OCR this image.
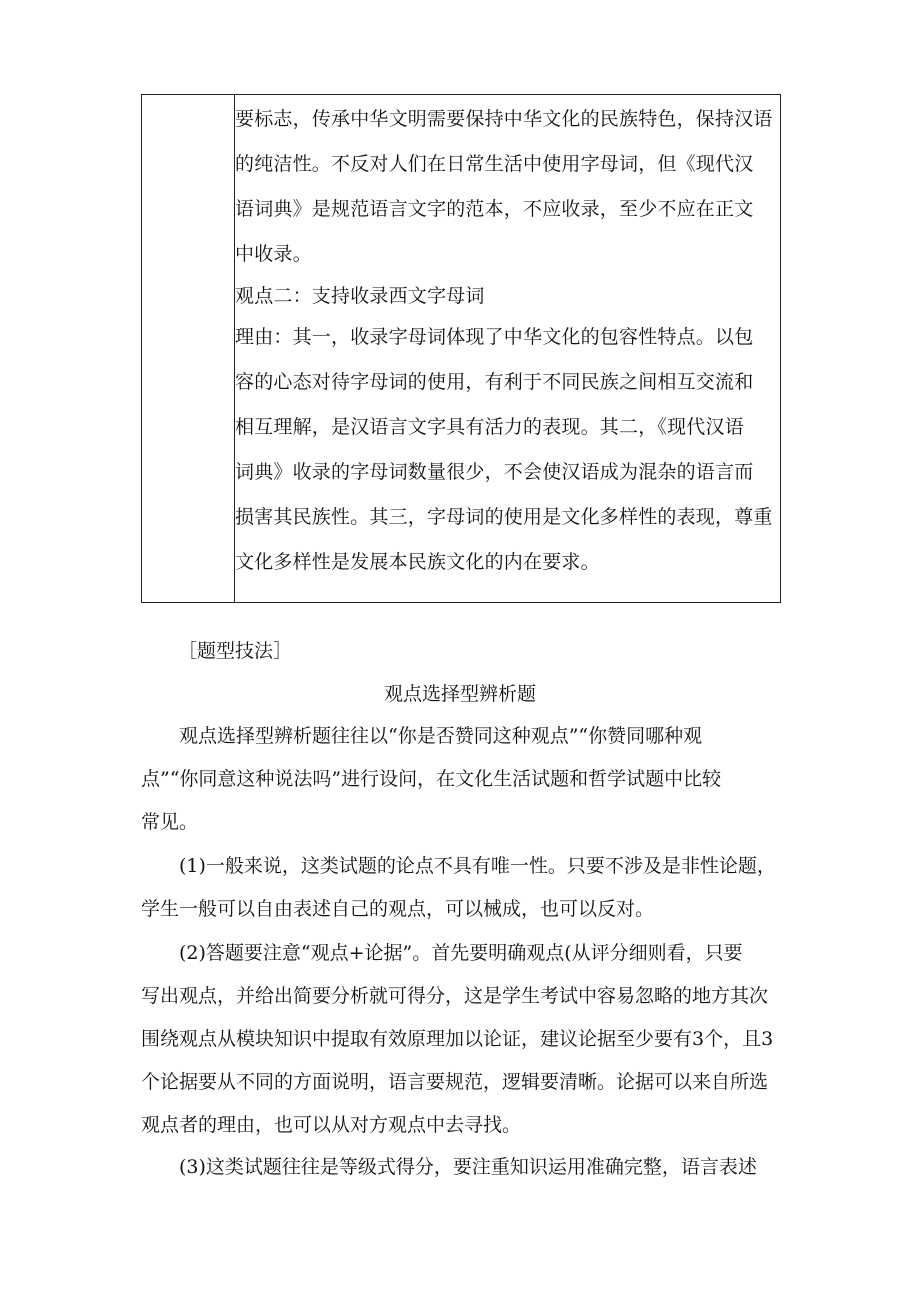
要标志，传承中华文明需要保持中华文化的民族特色，保持汉语
的纯洁性。不反对人们在日常生活中使用字母词，但《现代汉
语词典》是规范语言文字的范本，不应收录，至少不应在正文
中收录。
观点二：支持收录西文字母词
理由：其一，收录字母词体现了中华文化的包容性特点。以包
容的心态对待字母词的使用，有利于不同民族之间相互交流和
相互理解，是汉语言文字具有活力的表现。其二，《现代汉语
词典》收录的字母词数量很少，不会使汉语成为混杂的语言而
损害其民族性。其三，字母词的使用是文化多样性的表现，尊重
文化多样性是发展本民族文化的内在要求。
［题型技法］
观点选择型辨析题
观点选择型辨析题往往以“你是否赞同这种观点”“你赞同哪种观
点”“你同意这种说法吗”进行设问，在文化生活试题和哲学试题中比较
常见。
(1)一般来说，这类试题的论点不具有唯一性。只要不涉及是非性论题，
学生一般可以自由表述自己的观点，可以械成，也可以反对。
(2)答题要注意“观点+论据”。首先要明确观点(从评分细则看，只要
写出观点，并给出简要分析就可得分，这是学生考试中容易忽略的地方其次
围绕观点从模块知识中提取有效原理加以论证，建议论据至少要有3个，且3
个论据要从不同的方面说明，语言要规范，逻辑要清晰。论据可以来自所选
观点者的理由，也可以从对方观点中去寻找。
(3)这类试题往往是等级式得分，要注重知识运用准确完整，语言表述
